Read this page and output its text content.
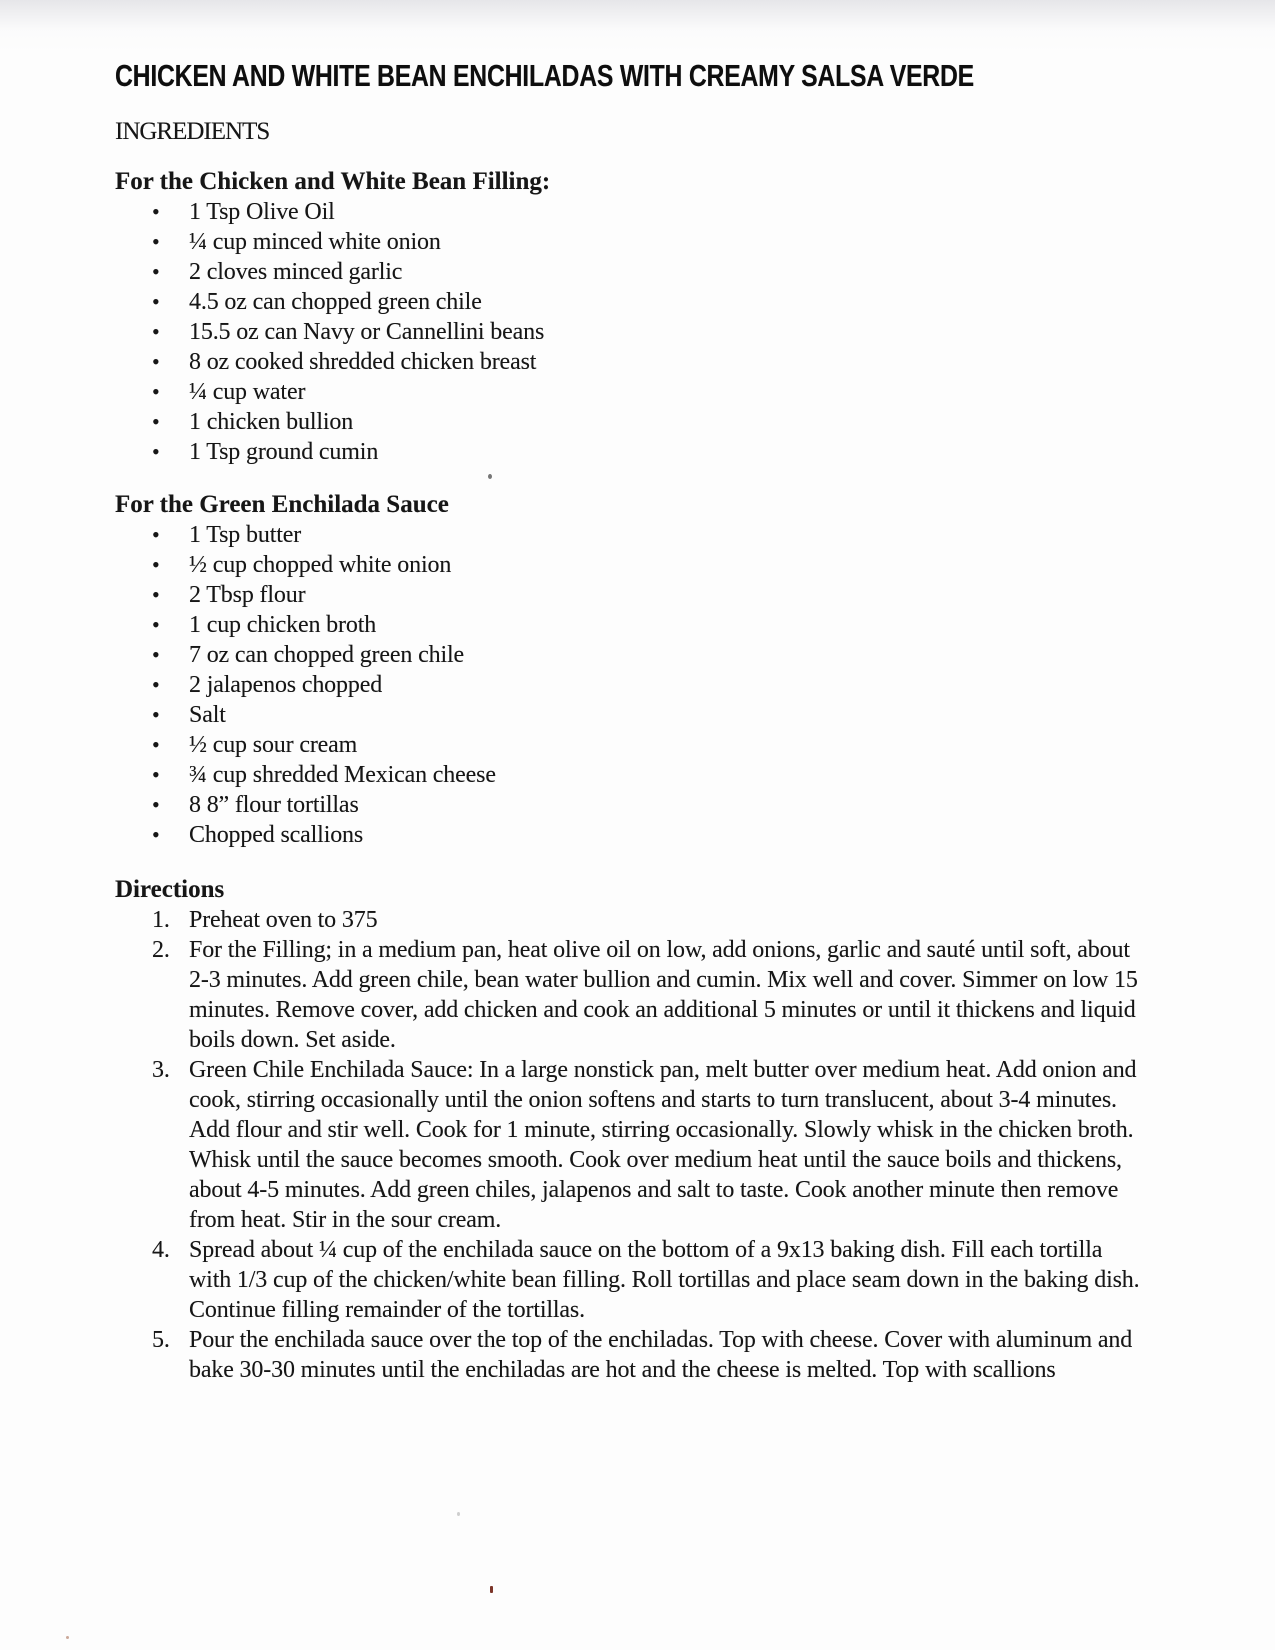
CHICKEN AND WHITE BEAN ENCHILADAS WITH CREAMY SALSA VERDE
INGREDIENTS
For the Chicken and White Bean Filling:
•	1 Tsp Olive Oil
•	¼ cup minced white onion
•	2 cloves minced garlic
•	4.5 oz can chopped green chile
•	15.5 oz can Navy or Cannellini beans
•	8 oz cooked shredded chicken breast
•	¼ cup water
•	1 chicken bullion
•	1 Tsp ground cumin
For the Green Enchilada Sauce
•	1 Tsp butter
•	½ cup chopped white onion
•	2 Tbsp flour
•	1 cup chicken broth
•	7 oz can chopped green chile
•	2 jalapenos chopped
•	Salt
•	½ cup sour cream
•	¾ cup shredded Mexican cheese
•	8 8” flour tortillas
•	Chopped scallions
Directions
1. Preheat oven to 375
2. For the Filling; in a medium pan, heat olive oil on low, add onions, garlic and sauté until soft, about 2-3 minutes. Add green chile, bean water bullion and cumin. Mix well and cover. Simmer on low 15 minutes. Remove cover, add chicken and cook an additional 5 minutes or until it thickens and liquid boils down. Set aside.
3. Green Chile Enchilada Sauce: In a large nonstick pan, melt butter over medium heat. Add onion and cook, stirring occasionally until the onion softens and starts to turn translucent, about 3-4 minutes. Add flour and stir well. Cook for 1 minute, stirring occasionally. Slowly whisk in the chicken broth. Whisk until the sauce becomes smooth. Cook over medium heat until the sauce boils and thickens, about 4-5 minutes. Add green chiles, jalapenos and salt to taste. Cook another minute then remove from heat. Stir in the sour cream.
4. Spread about ¼ cup of the enchilada sauce on the bottom of a 9x13 baking dish. Fill each tortilla with 1/3 cup of the chicken/white bean filling. Roll tortillas and place seam down in the baking dish. Continue filling remainder of the tortillas.
5. Pour the enchilada sauce over the top of the enchiladas. Top with cheese. Cover with aluminum and bake 30-30 minutes until the enchiladas are hot and the cheese is melted. Top with scallions
